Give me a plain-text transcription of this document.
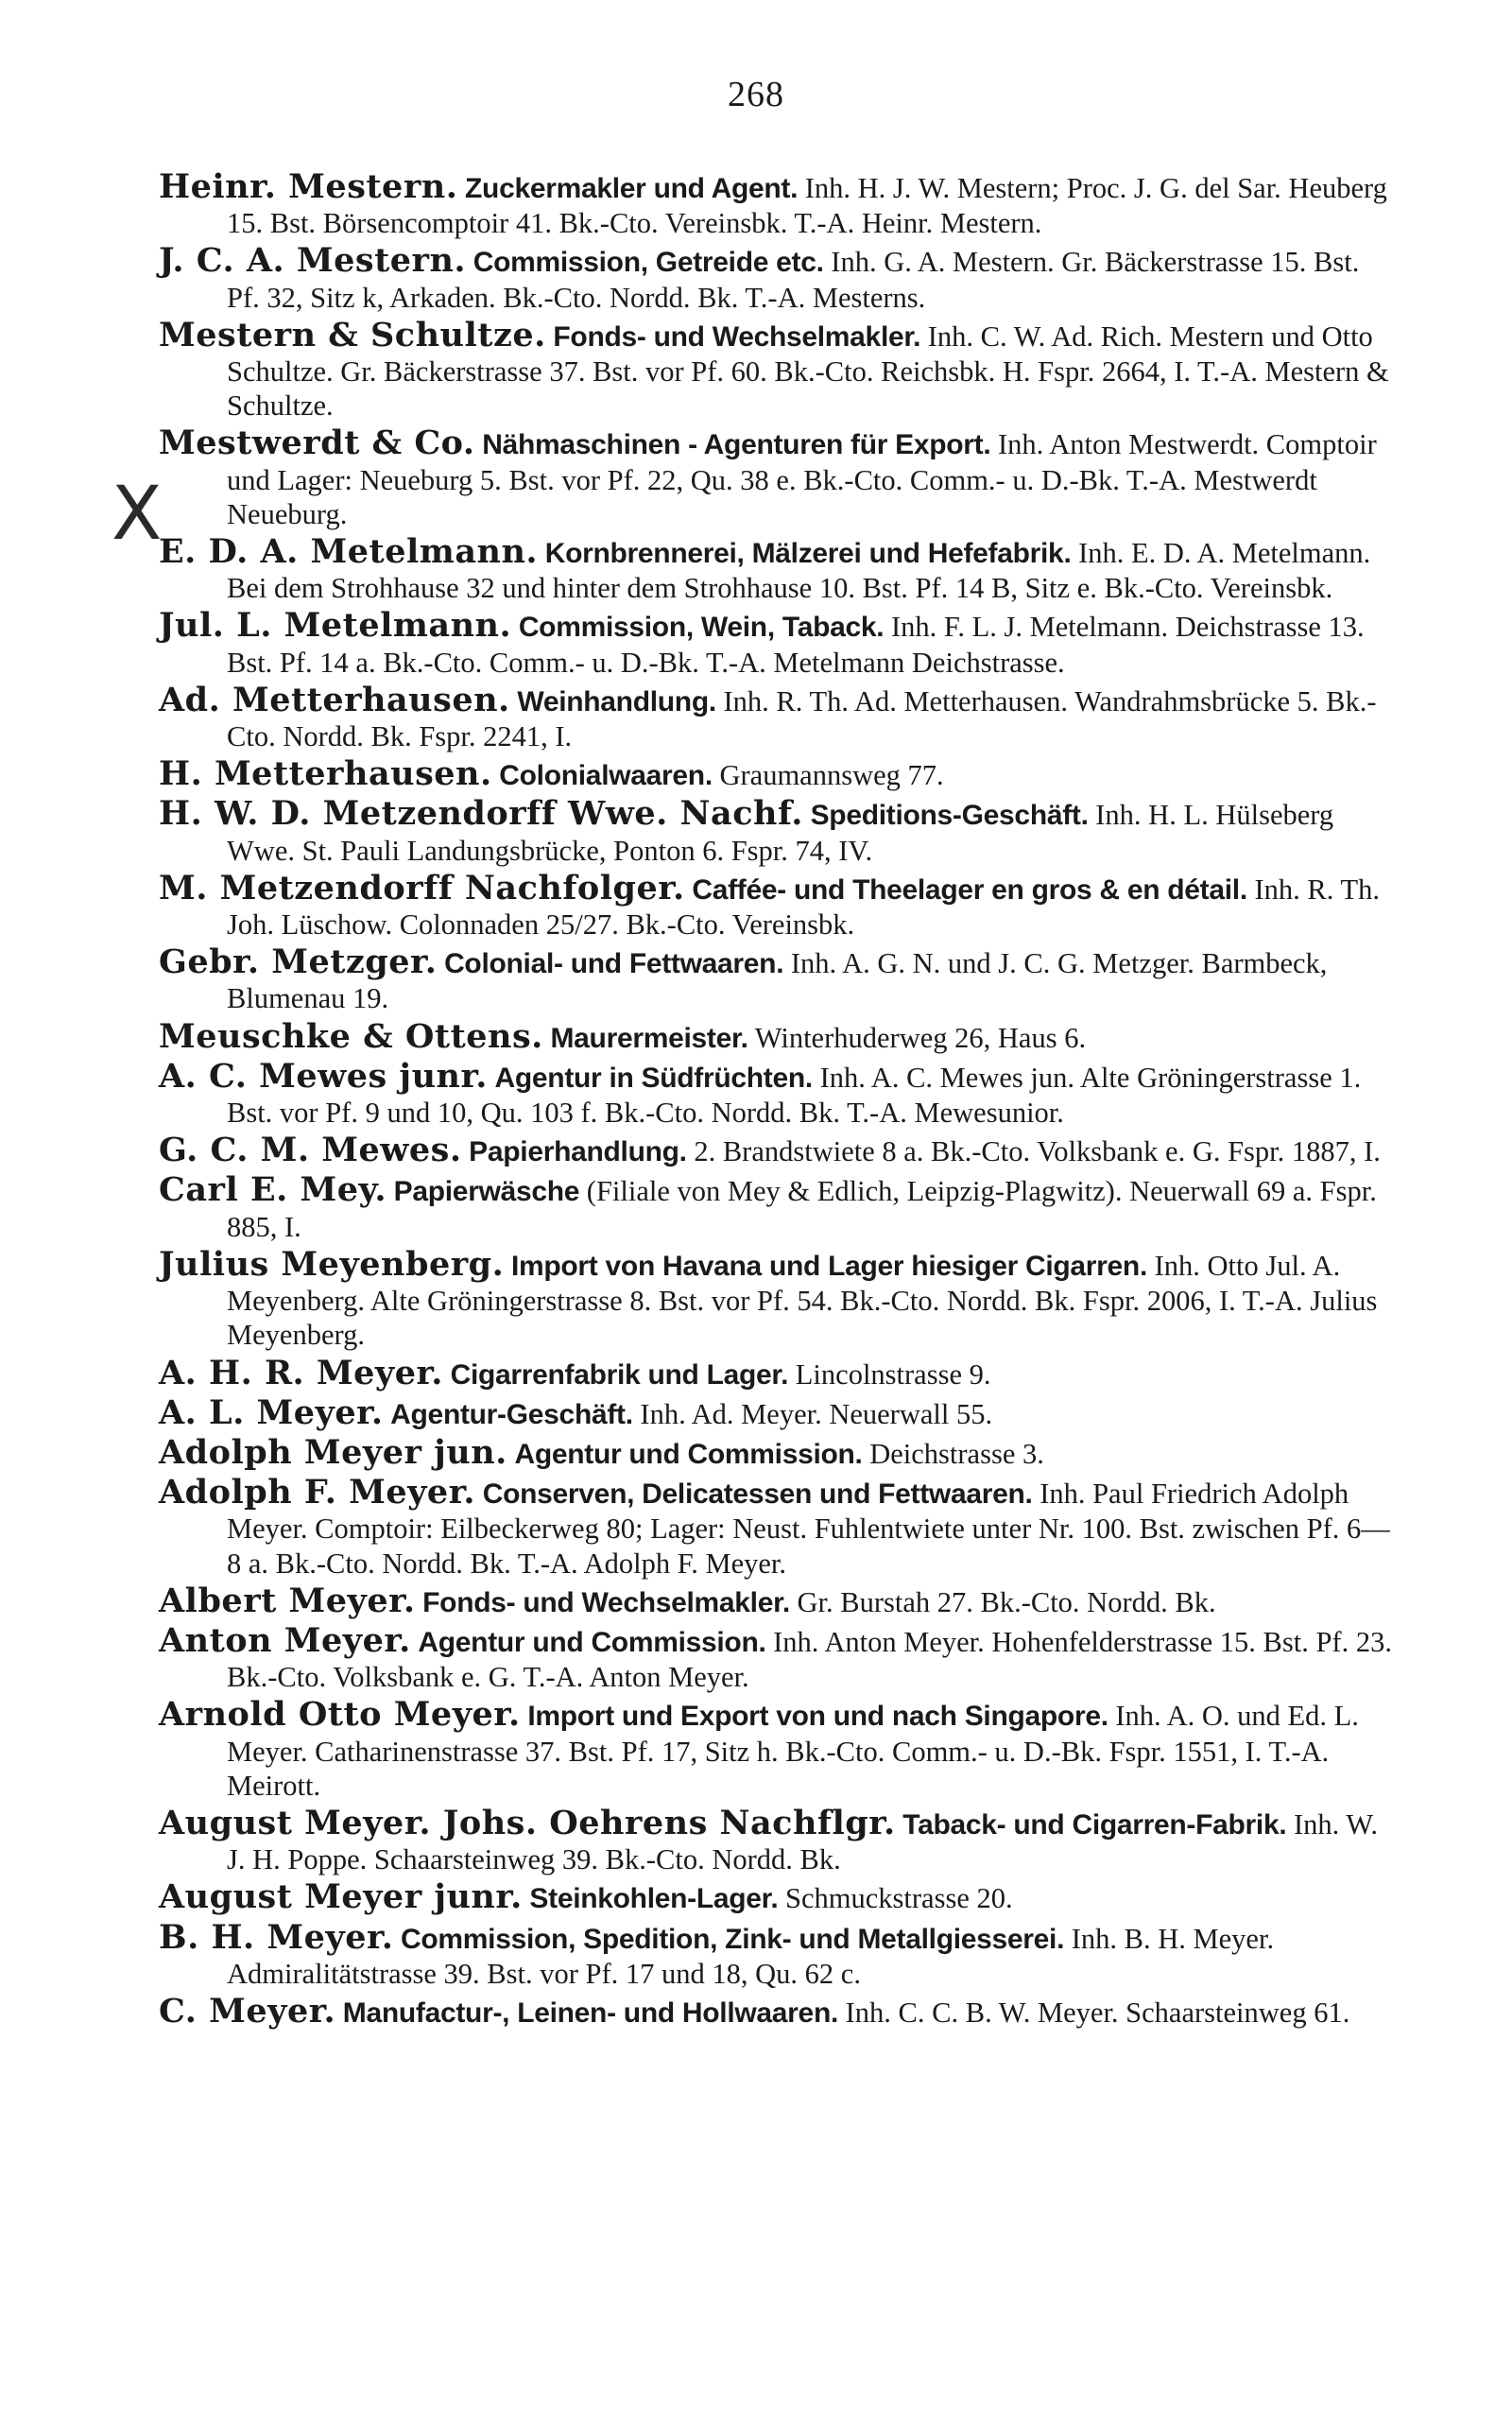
268
X
Heinr. Mestern. Zuckermakler und Agent. Inh. H. J. W. Mestern; Proc. J. G. del Sar. Heuberg 15. Bst. Börsencomptoir 41. Bk.-Cto. Vereinsbk. T.-A. Heinr. Mestern.
J. C. A. Mestern. Commission, Getreide etc. Inh. G. A. Mestern. Gr. Bäckerstrasse 15. Bst. Pf. 32, Sitz k, Arkaden. Bk.-Cto. Nordd. Bk. T.-A. Mesterns.
Mestern & Schultze. Fonds- und Wechselmakler. Inh. C. W. Ad. Rich. Mestern und Otto Schultze. Gr. Bäckerstrasse 37. Bst. vor Pf. 60. Bk.-Cto. Reichsbk. H. Fspr. 2664, I. T.-A. Mestern & Schultze.
Mestwerdt & Co. Nähmaschinen - Agenturen für Export. Inh. Anton Mestwerdt. Comptoir und Lager: Neueburg 5. Bst. vor Pf. 22, Qu. 38 e. Bk.-Cto. Comm.- u. D.-Bk. T.-A. Mestwerdt Neueburg.
E. D. A. Metelmann. Kornbrennerei, Mälzerei und Hefefabrik. Inh. E. D. A. Metelmann. Bei dem Strohhause 32 und hinter dem Strohhause 10. Bst. Pf. 14 B, Sitz e. Bk.-Cto. Vereinsbk.
Jul. L. Metelmann. Commission, Wein, Taback. Inh. F. L. J. Metelmann. Deichstrasse 13. Bst. Pf. 14 a. Bk.-Cto. Comm.- u. D.-Bk. T.-A. Metelmann Deichstrasse.
Ad. Metterhausen. Weinhandlung. Inh. R. Th. Ad. Metterhausen. Wandrahmsbrücke 5. Bk.-Cto. Nordd. Bk. Fspr. 2241, I.
H. Metterhausen. Colonialwaaren. Graumannsweg 77.
H. W. D. Metzendorff Wwe. Nachf. Speditions-Geschäft. Inh. H. L. Hülseberg Wwe. St. Pauli Landungsbrücke, Ponton 6. Fspr. 74, IV.
M. Metzendorff Nachfolger. Caffée- und Theelager en gros & en détail. Inh. R. Th. Joh. Lüschow. Colonnaden 25/27. Bk.-Cto. Vereinsbk.
Gebr. Metzger. Colonial- und Fettwaaren. Inh. A. G. N. und J. C. G. Metzger. Barmbeck, Blumenau 19.
Meuschke & Ottens. Maurermeister. Winterhuderweg 26, Haus 6.
A. C. Mewes junr. Agentur in Südfrüchten. Inh. A. C. Mewes jun. Alte Gröningerstrasse 1. Bst. vor Pf. 9 und 10, Qu. 103 f. Bk.-Cto. Nordd. Bk. T.-A. Mewesunior.
G. C. M. Mewes. Papierhandlung. 2. Brandstwiete 8 a. Bk.-Cto. Volksbank e. G. Fspr. 1887, I.
Carl E. Mey. Papierwäsche (Filiale von Mey & Edlich, Leipzig-Plagwitz). Neuerwall 69 a. Fspr. 885, I.
Julius Meyenberg. Import von Havana und Lager hiesiger Cigarren. Inh. Otto Jul. A. Meyenberg. Alte Gröningerstrasse 8. Bst. vor Pf. 54. Bk.-Cto. Nordd. Bk. Fspr. 2006, I. T.-A. Julius Meyenberg.
A. H. R. Meyer. Cigarrenfabrik und Lager. Lincolnstrasse 9.
A. L. Meyer. Agentur-Geschäft. Inh. Ad. Meyer. Neuerwall 55.
Adolph Meyer jun. Agentur und Commission. Deichstrasse 3.
Adolph F. Meyer. Conserven, Delicatessen und Fettwaaren. Inh. Paul Friedrich Adolph Meyer. Comptoir: Eilbeckerweg 80; Lager: Neust. Fuhlentwiete unter Nr. 100. Bst. zwischen Pf. 6—8 a. Bk.-Cto. Nordd. Bk. T.-A. Adolph F. Meyer.
Albert Meyer. Fonds- und Wechselmakler. Gr. Burstah 27. Bk.-Cto. Nordd. Bk.
Anton Meyer. Agentur und Commission. Inh. Anton Meyer. Hohenfelderstrasse 15. Bst. Pf. 23. Bk.-Cto. Volksbank e. G. T.-A. Anton Meyer.
Arnold Otto Meyer. Import und Export von und nach Singapore. Inh. A. O. und Ed. L. Meyer. Catharinenstrasse 37. Bst. Pf. 17, Sitz h. Bk.-Cto. Comm.- u. D.-Bk. Fspr. 1551, I. T.-A. Meirott.
August Meyer. Johs. Oehrens Nachflgr. Taback- und Cigarren-Fabrik. Inh. W. J. H. Poppe. Schaarsteinweg 39. Bk.-Cto. Nordd. Bk.
August Meyer junr. Steinkohlen-Lager. Schmuckstrasse 20.
B. H. Meyer. Commission, Spedition, Zink- und Metallgiesserei. Inh. B. H. Meyer. Admiralitätstrasse 39. Bst. vor Pf. 17 und 18, Qu. 62 c.
C. Meyer. Manufactur-, Leinen- und Hollwaaren. Inh. C. C. B. W. Meyer. Schaarsteinweg 61.
